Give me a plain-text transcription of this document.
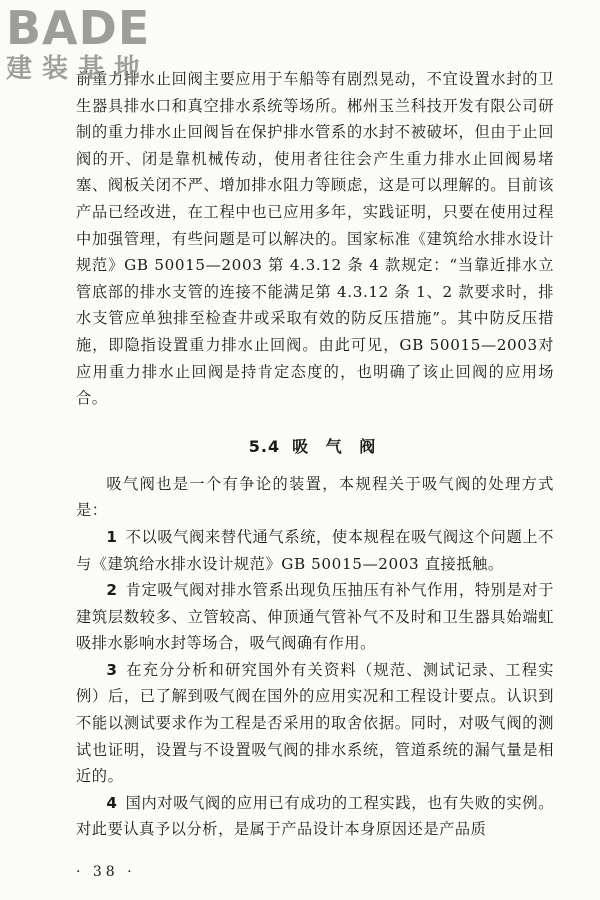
BADE
建装基地

前重力排水止回阀主要应用于车船等有剧烈晃动，不宜设置水封的卫生器具排水口和真空排水系统等场所。郴州玉兰科技开发有限公司研制的重力排水止回阀旨在保护排水管系的水封不被破坏，但由于止回阀的开、闭是靠机械传动，使用者往往会产生重力排水止回阀易堵塞、阀板关闭不严、增加排水阻力等顾虑，这是可以理解的。目前该产品已经改进，在工程中也已应用多年，实践证明，只要在使用过程中加强管理，有些问题是可以解决的。国家标准《建筑给水排水设计规范》GB 50015—2003 第 4.3.12 条 4 款规定：“当靠近排水立管底部的排水支管的连接不能满足第 4.3.12 条 1、2 款要求时，排水支管应单独排至检查井或采取有效的防反压措施”。其中防反压措施，即隐指设置重力排水止回阀。由此可见，GB 50015—2003对应用重力排水止回阀是持肯定态度的，也明确了该止回阀的应用场合。

5.4 吸 气 阀

吸气阀也是一个有争论的装置，本规程关于吸气阀的处理方式是：

1 不以吸气阀来替代通气系统，使本规程在吸气阀这个问题上不与《建筑给水排水设计规范》GB 50015—2003 直接抵触。

2 肯定吸气阀对排水管系出现负压抽压有补气作用，特别是对于建筑层数较多、立管较高、伸顶通气管补气不及时和卫生器具始端虹吸排水影响水封等场合，吸气阀确有作用。

3 在充分分析和研究国外有关资料（规范、测试记录、工程实例）后，已了解到吸气阀在国外的应用实况和工程设计要点。认识到不能以测试要求作为工程是否采用的取舍依据。同时，对吸气阀的测试也证明，设置与不设置吸气阀的排水系统，管道系统的漏气量是相近的。

4 国内对吸气阀的应用已有成功的工程实践，也有失败的实例。对此要认真予以分析，是属于产品设计本身原因还是产品质

· 38 ·
